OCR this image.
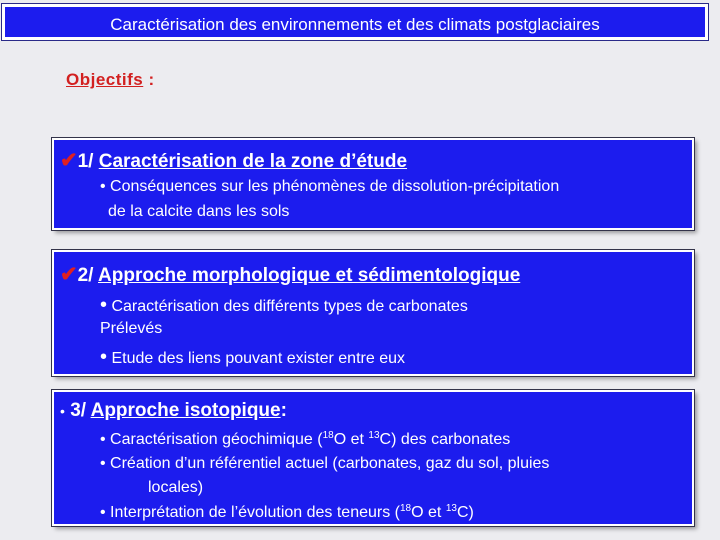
Caractérisation des environnements et des climats postglaciaires
Objectifs :
✔1/ Caractérisation de la zone d’étude
• Conséquences sur les phénomènes de dissolution-précipitation
de la calcite dans les sols
✔2/ Approche morphologique et sédimentologique
• Caractérisation des différents types de carbonates
Prélevés
• Etude des liens pouvant exister entre eux
• 3/ Approche isotopique:
• Caractérisation géochimique ($^{18}$O et $^{13}$C) des carbonates
• Création d’un référentiel actuel (carbonates, gaz du sol, pluies
locales)
• Interprétation de l’évolution des teneurs ($^{18}$O et $^{13}$C)
